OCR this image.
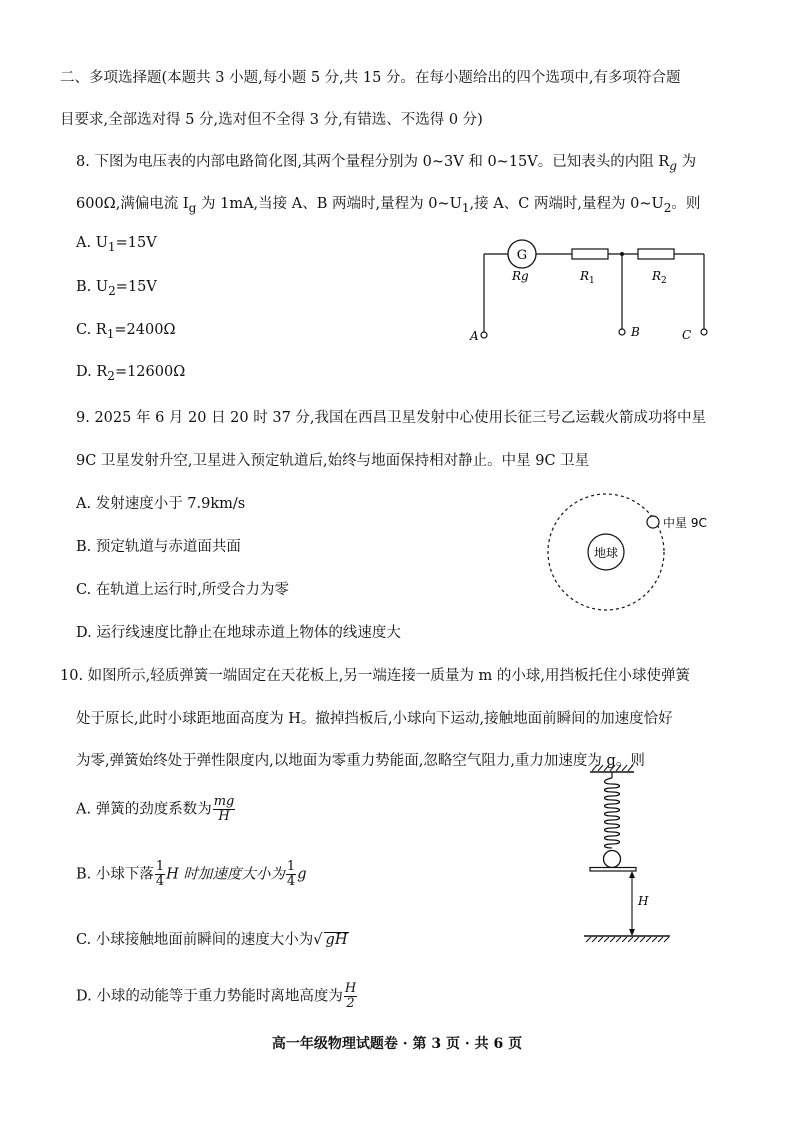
二、多项选择题(本题共 3 小题,每小题 5 分,共 15 分。在每小题给出的四个选项中,有多项符合题
目要求,全部选对得 5 分,选对但不全得 3 分,有错选、不选得 0 分)
8. 下图为电压表的内部电路简化图,其两个量程分别为 0~3V 和 0~15V。已知表头的内阻 $R_g$ 为
600Ω,满偏电流 $I_g$ 为 1mA,当接 A、B 两端时,量程为 $0\sim U_1$,接 A、C 两端时,量程为 $0\sim U_2$。则
A. $U_1=15V$
B. $U_2=15V$
C. $R_1=2400\Omega$
D. $R_2=12600\Omega$
G
Rg	$R_1$	$R_2$
A	B	C
9. 2025 年 6 月 20 日 20 时 37 分,我国在西昌卫星发射中心使用长征三号乙运载火箭成功将中星
9C 卫星发射升空,卫星进入预定轨道后,始终与地面保持相对静止。中星 9C 卫星
A. 发射速度小于 7.9km/s
B. 预定轨道与赤道面共面
C. 在轨道上运行时,所受合力为零
D. 运行线速度比静止在地球赤道上物体的线速度大
地球
中星 9C
10. 如图所示,轻质弹簧一端固定在天花板上,另一端连接一质量为 m 的小球,用挡板托住小球使弹簧
处于原长,此时小球距地面高度为 H。撤掉挡板后,小球向下运动,接触地面前瞬间的加速度恰好
为零,弹簧始终处于弹性限度内,以地面为零重力势能面,忽略空气阻力,重力加速度为 g。则
A. 弹簧的劲度系数为 $\frac{mg}{H}$
B. 小球下落 $\frac{1}{4}$ H 时加速度大小为 $\frac{1}{4}$ g
C. 小球接触地面前瞬间的速度大小为√ gH
D. 小球的动能等于重力势能时离地高度为 $\frac{H}{2}$
H
高一年级物理试题卷 · 第 3 页 · 共 6 页
